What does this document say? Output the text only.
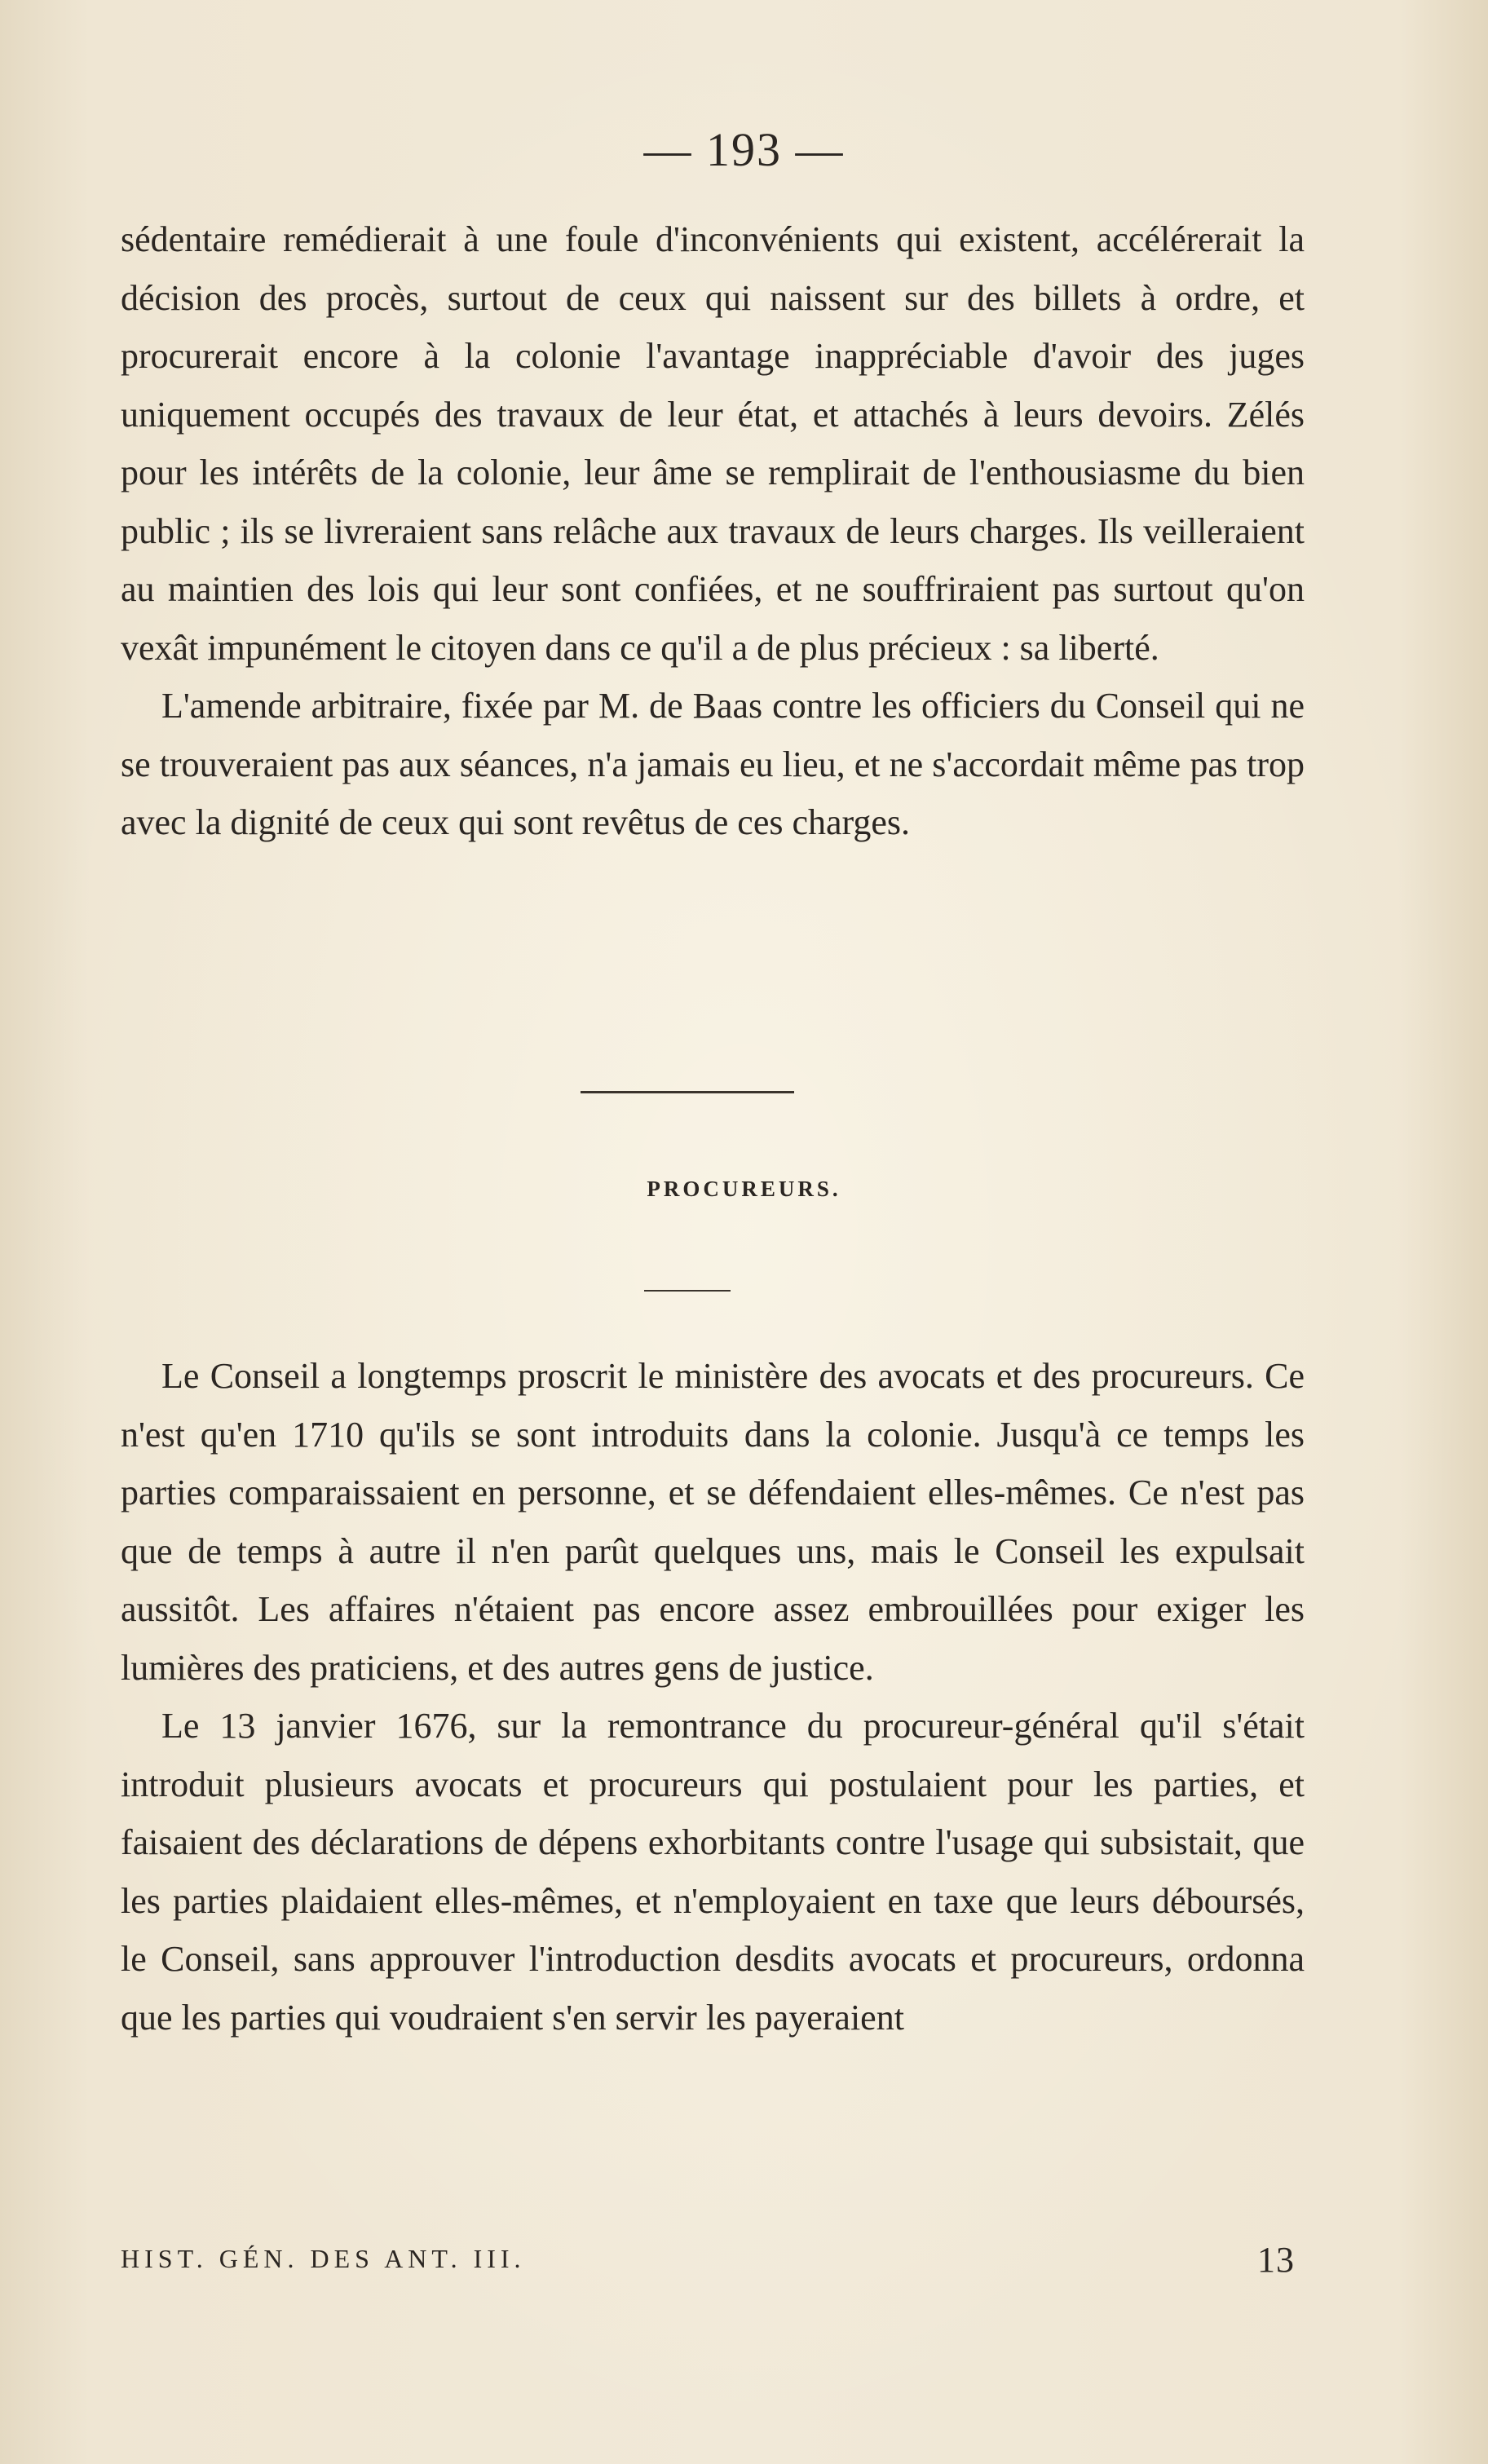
— 193 —

sédentaire remédierait à une foule d'inconvénients qui existent, accélérerait la décision des procès, surtout de ceux qui naissent sur des billets à ordre, et procurerait encore à la colonie l'avantage inappréciable d'avoir des juges uniquement occupés des travaux de leur état, et attachés à leurs devoirs. Zélés pour les intérêts de la colonie, leur âme se remplirait de l'enthousiasme du bien public ; ils se livreraient sans relâche aux travaux de leurs charges. Ils veilleraient au maintien des lois qui leur sont confiées, et ne souffriraient pas surtout qu'on vexât impunément le citoyen dans ce qu'il a de plus précieux : sa liberté.

L'amende arbitraire, fixée par M. de Baas contre les officiers du Conseil qui ne se trouveraient pas aux séances, n'a jamais eu lieu, et ne s'accordait même pas trop avec la dignité de ceux qui sont revêtus de ces charges.

PROCUREURS.

Le Conseil a longtemps proscrit le ministère des avocats et des procureurs. Ce n'est qu'en 1710 qu'ils se sont introduits dans la colonie. Jusqu'à ce temps les parties comparaissaient en personne, et se défendaient elles-mêmes. Ce n'est pas que de temps à autre il n'en parût quelques uns, mais le Conseil les expulsait aussitôt. Les affaires n'étaient pas encore assez embrouillées pour exiger les lumières des praticiens, et des autres gens de justice.

Le 13 janvier 1676, sur la remontrance du procureur-général qu'il s'était introduit plusieurs avocats et procureurs qui postulaient pour les parties, et faisaient des déclarations de dépens exhorbitants contre l'usage qui subsistait, que les parties plaidaient elles-mêmes, et n'employaient en taxe que leurs déboursés, le Conseil, sans approuver l'introduction desdits avocats et procureurs, ordonna que les parties qui voudraient s'en servir les payeraient

HIST. GÉN. DES ANT. III.	13
